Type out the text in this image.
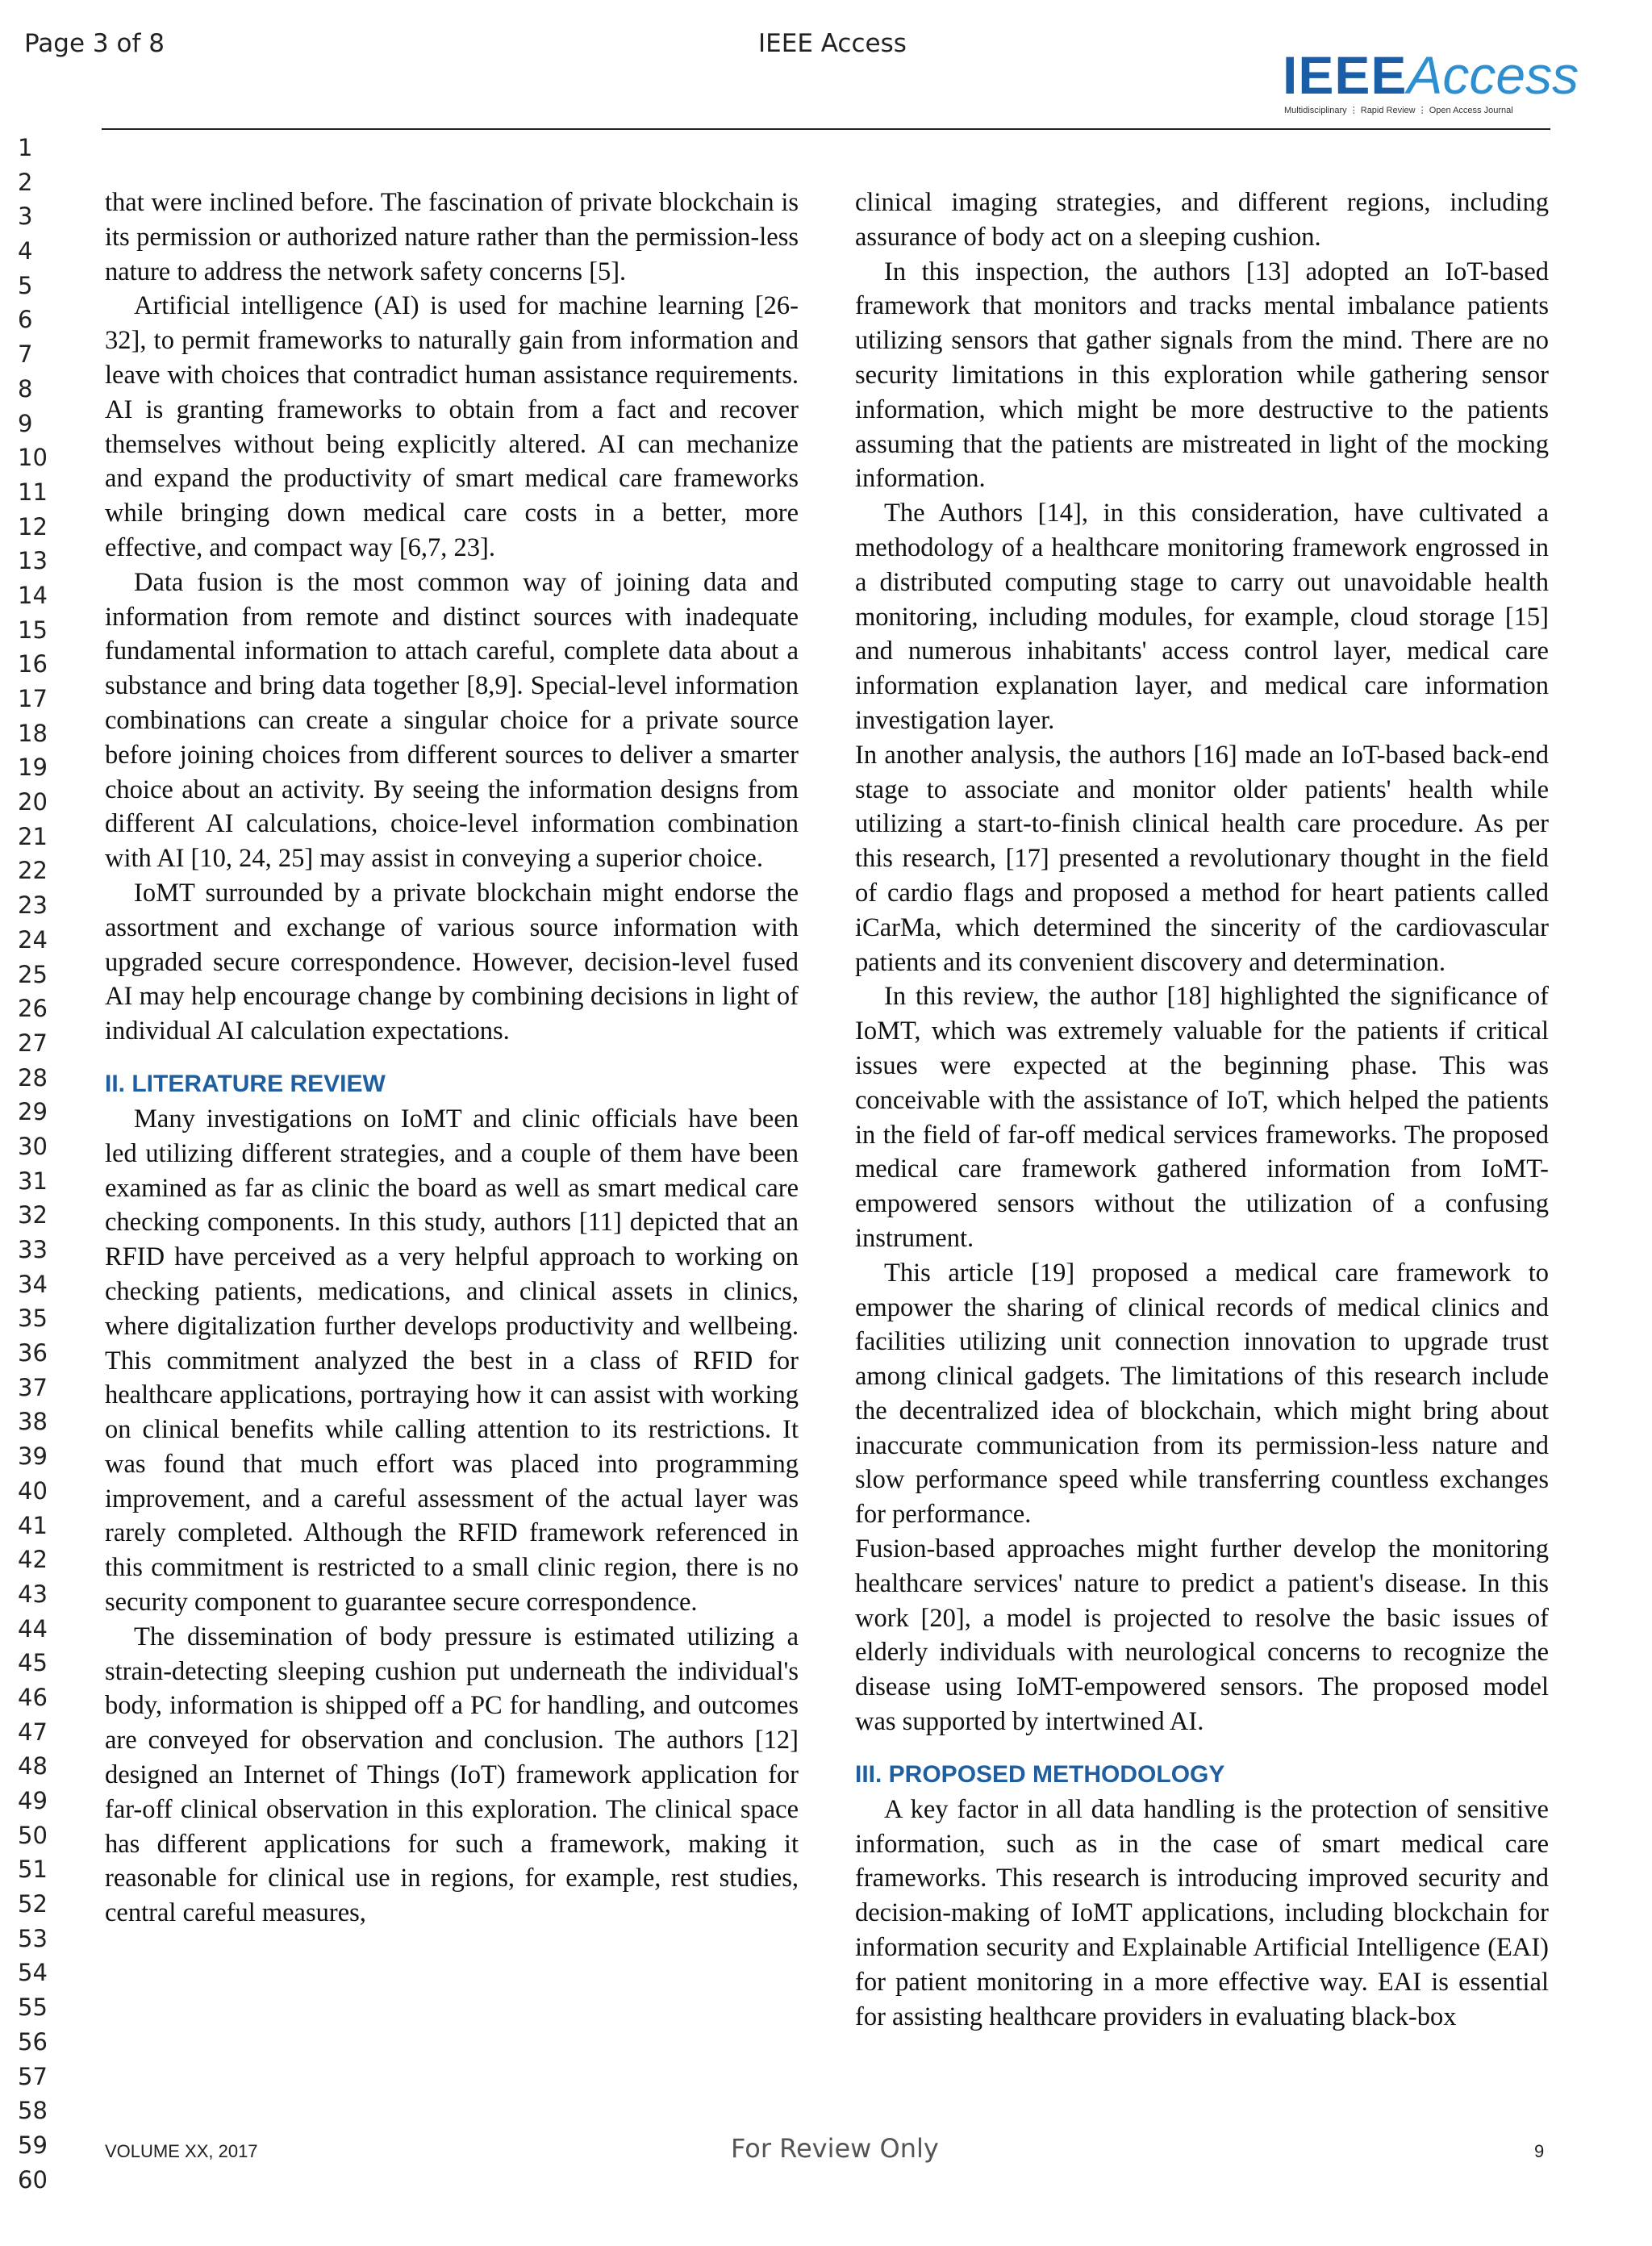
Page 3 of 8	IEEE Access
IEEEAccess
Multidisciplinary ⋮ Rapid Review ⋮ Open Access Journal
1
2
3
4
5
6
7
8
9
10
11
12
13
14
15
16
17
18
19
20
21
22
23
24
25
26
27
28
29
30
31
32
33
34
35
36
37
38
39
40
41
42
43
44
45
46
47
48
49
50
51
52
53
54
55
56
57
58
59
60

that were inclined before. The fascination of private blockchain is its permission or authorized nature rather than the permission-less nature to address the network safety concerns [5].

Artificial intelligence (AI) is used for machine learning [26-32], to permit frameworks to naturally gain from information and leave with choices that contradict human assistance requirements. AI is granting frameworks to obtain from a fact and recover themselves without being explicitly altered. AI can mechanize and expand the productivity of smart medical care frameworks while bringing down medical care costs in a better, more effective, and compact way [6,7, 23].

Data fusion is the most common way of joining data and information from remote and distinct sources with inadequate fundamental information to attach careful, complete data about a substance and bring data together [8,9]. Special-level information combinations can create a singular choice for a private source before joining choices from different sources to deliver a smarter choice about an activity. By seeing the information designs from different AI calculations, choice-level information combination with AI [10, 24, 25] may assist in conveying a superior choice.

IoMT surrounded by a private blockchain might endorse the assortment and exchange of various source information with upgraded secure correspondence. However, decision-level fused AI may help encourage change by combining decisions in light of individual AI calculation expectations.

II. LITERATURE REVIEW

Many investigations on IoMT and clinic officials have been led utilizing different strategies, and a couple of them have been examined as far as clinic the board as well as smart medical care checking components. In this study, authors [11] depicted that an RFID have perceived as a very helpful approach to working on checking patients, medications, and clinical assets in clinics, where digitalization further develops productivity and wellbeing. This commitment analyzed the best in a class of RFID for healthcare applications, portraying how it can assist with working on clinical benefits while calling attention to its restrictions. It was found that much effort was placed into programming improvement, and a careful assessment of the actual layer was rarely completed. Although the RFID framework referenced in this commitment is restricted to a small clinic region, there is no security component to guarantee secure correspondence.

The dissemination of body pressure is estimated utilizing a strain-detecting sleeping cushion put underneath the individual's body, information is shipped off a PC for handling, and outcomes are conveyed for observation and conclusion. The authors [12] designed an Internet of Things (IoT) framework application for far-off clinical observation in this exploration. The clinical space has different applications for such a framework, making it reasonable for clinical use in regions, for example, rest studies, central careful measures,

clinical imaging strategies, and different regions, including assurance of body act on a sleeping cushion.

In this inspection, the authors [13] adopted an IoT-based framework that monitors and tracks mental imbalance patients utilizing sensors that gather signals from the mind. There are no security limitations in this exploration while gathering sensor information, which might be more destructive to the patients assuming that the patients are mistreated in light of the mocking information.

The Authors [14], in this consideration, have cultivated a methodology of a healthcare monitoring framework engrossed in a distributed computing stage to carry out unavoidable health monitoring, including modules, for example, cloud storage [15] and numerous inhabitants' access control layer, medical care information explanation layer, and medical care information investigation layer.

In another analysis, the authors [16] made an IoT-based back-end stage to associate and monitor older patients' health while utilizing a start-to-finish clinical health care procedure. As per this research, [17] presented a revolutionary thought in the field of cardio flags and proposed a method for heart patients called iCarMa, which determined the sincerity of the cardiovascular patients and its convenient discovery and determination.

In this review, the author [18] highlighted the significance of IoMT, which was extremely valuable for the patients if critical issues were expected at the beginning phase. This was conceivable with the assistance of IoT, which helped the patients in the field of far-off medical services frameworks. The proposed medical care framework gathered information from IoMT-empowered sensors without the utilization of a confusing instrument.

This article [19] proposed a medical care framework to empower the sharing of clinical records of medical clinics and facilities utilizing unit connection innovation to upgrade trust among clinical gadgets. The limitations of this research include the decentralized idea of blockchain, which might bring about inaccurate communication from its permission-less nature and slow performance speed while transferring countless exchanges for performance.

Fusion-based approaches might further develop the monitoring healthcare services' nature to predict a patient's disease. In this work [20], a model is projected to resolve the basic issues of elderly individuals with neurological concerns to recognize the disease using IoMT-empowered sensors. The proposed model was supported by intertwined AI.

III. PROPOSED METHODOLOGY

A key factor in all data handling is the protection of sensitive information, such as in the case of smart medical care frameworks. This research is introducing improved security and decision-making of IoMT applications, including blockchain for information security and Explainable Artificial Intelligence (EAI) for patient monitoring in a more effective way. EAI is essential for assisting healthcare providers in evaluating black-box

VOLUME XX, 2017	For Review Only	9
